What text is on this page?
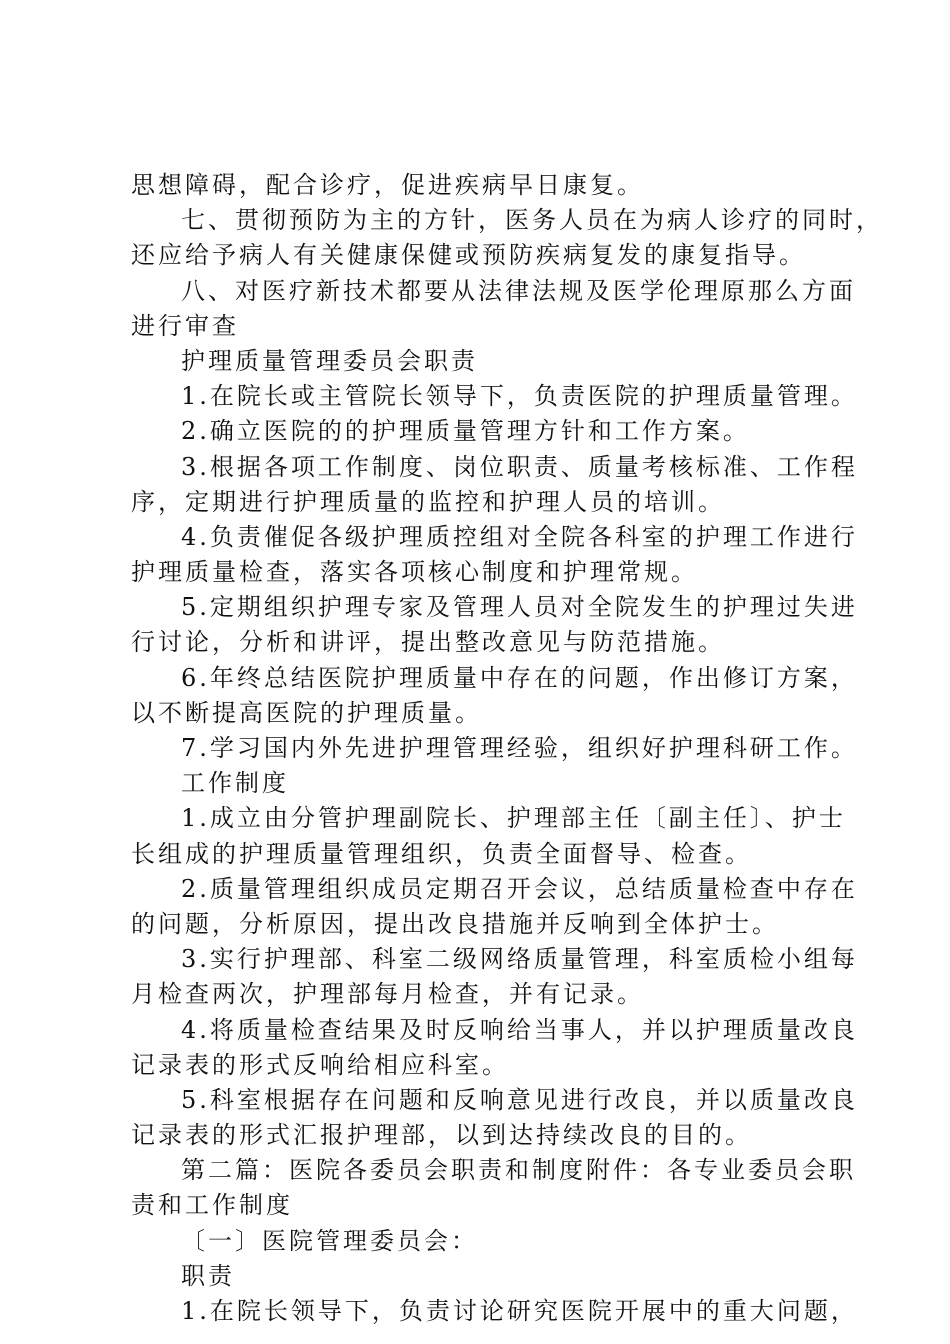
思想障碍，配合诊疗，促进疾病早日康复。
七、贯彻预防为主的方针，医务人员在为病人诊疗的同时，
还应给予病人有关健康保健或预防疾病复发的康复指导。
八、对医疗新技术都要从法律法规及医学伦理原那么方面
进行审查
护理质量管理委员会职责
1.在院长或主管院长领导下，负责医院的护理质量管理。
2.确立医院的的护理质量管理方针和工作方案。
3.根据各项工作制度、岗位职责、质量考核标准、工作程
序，定期进行护理质量的监控和护理人员的培训。
4.负责催促各级护理质控组对全院各科室的护理工作进行
护理质量检查，落实各项核心制度和护理常规。
5.定期组织护理专家及管理人员对全院发生的护理过失进
行讨论，分析和讲评，提出整改意见与防范措施。
6.年终总结医院护理质量中存在的问题，作出修订方案，
以不断提高医院的护理质量。
7.学习国内外先进护理管理经验，组织好护理科研工作。
工作制度
1.成立由分管护理副院长、护理部主任〔副主任〕、护士
长组成的护理质量管理组织，负责全面督导、检查。
2.质量管理组织成员定期召开会议，总结质量检查中存在
的问题，分析原因，提出改良措施并反响到全体护士。
3.实行护理部、科室二级网络质量管理，科室质检小组每
月检查两次，护理部每月检查，并有记录。
4.将质量检查结果及时反响给当事人，并以护理质量改良
记录表的形式反响给相应科室。
5.科室根据存在问题和反响意见进行改良，并以质量改良
记录表的形式汇报护理部，以到达持续改良的目的。
第二篇：医院各委员会职责和制度附件：各专业委员会职
责和工作制度
〔一〕医院管理委员会：
职责
1.在院长领导下，负责讨论研究医院开展中的重大问题，
